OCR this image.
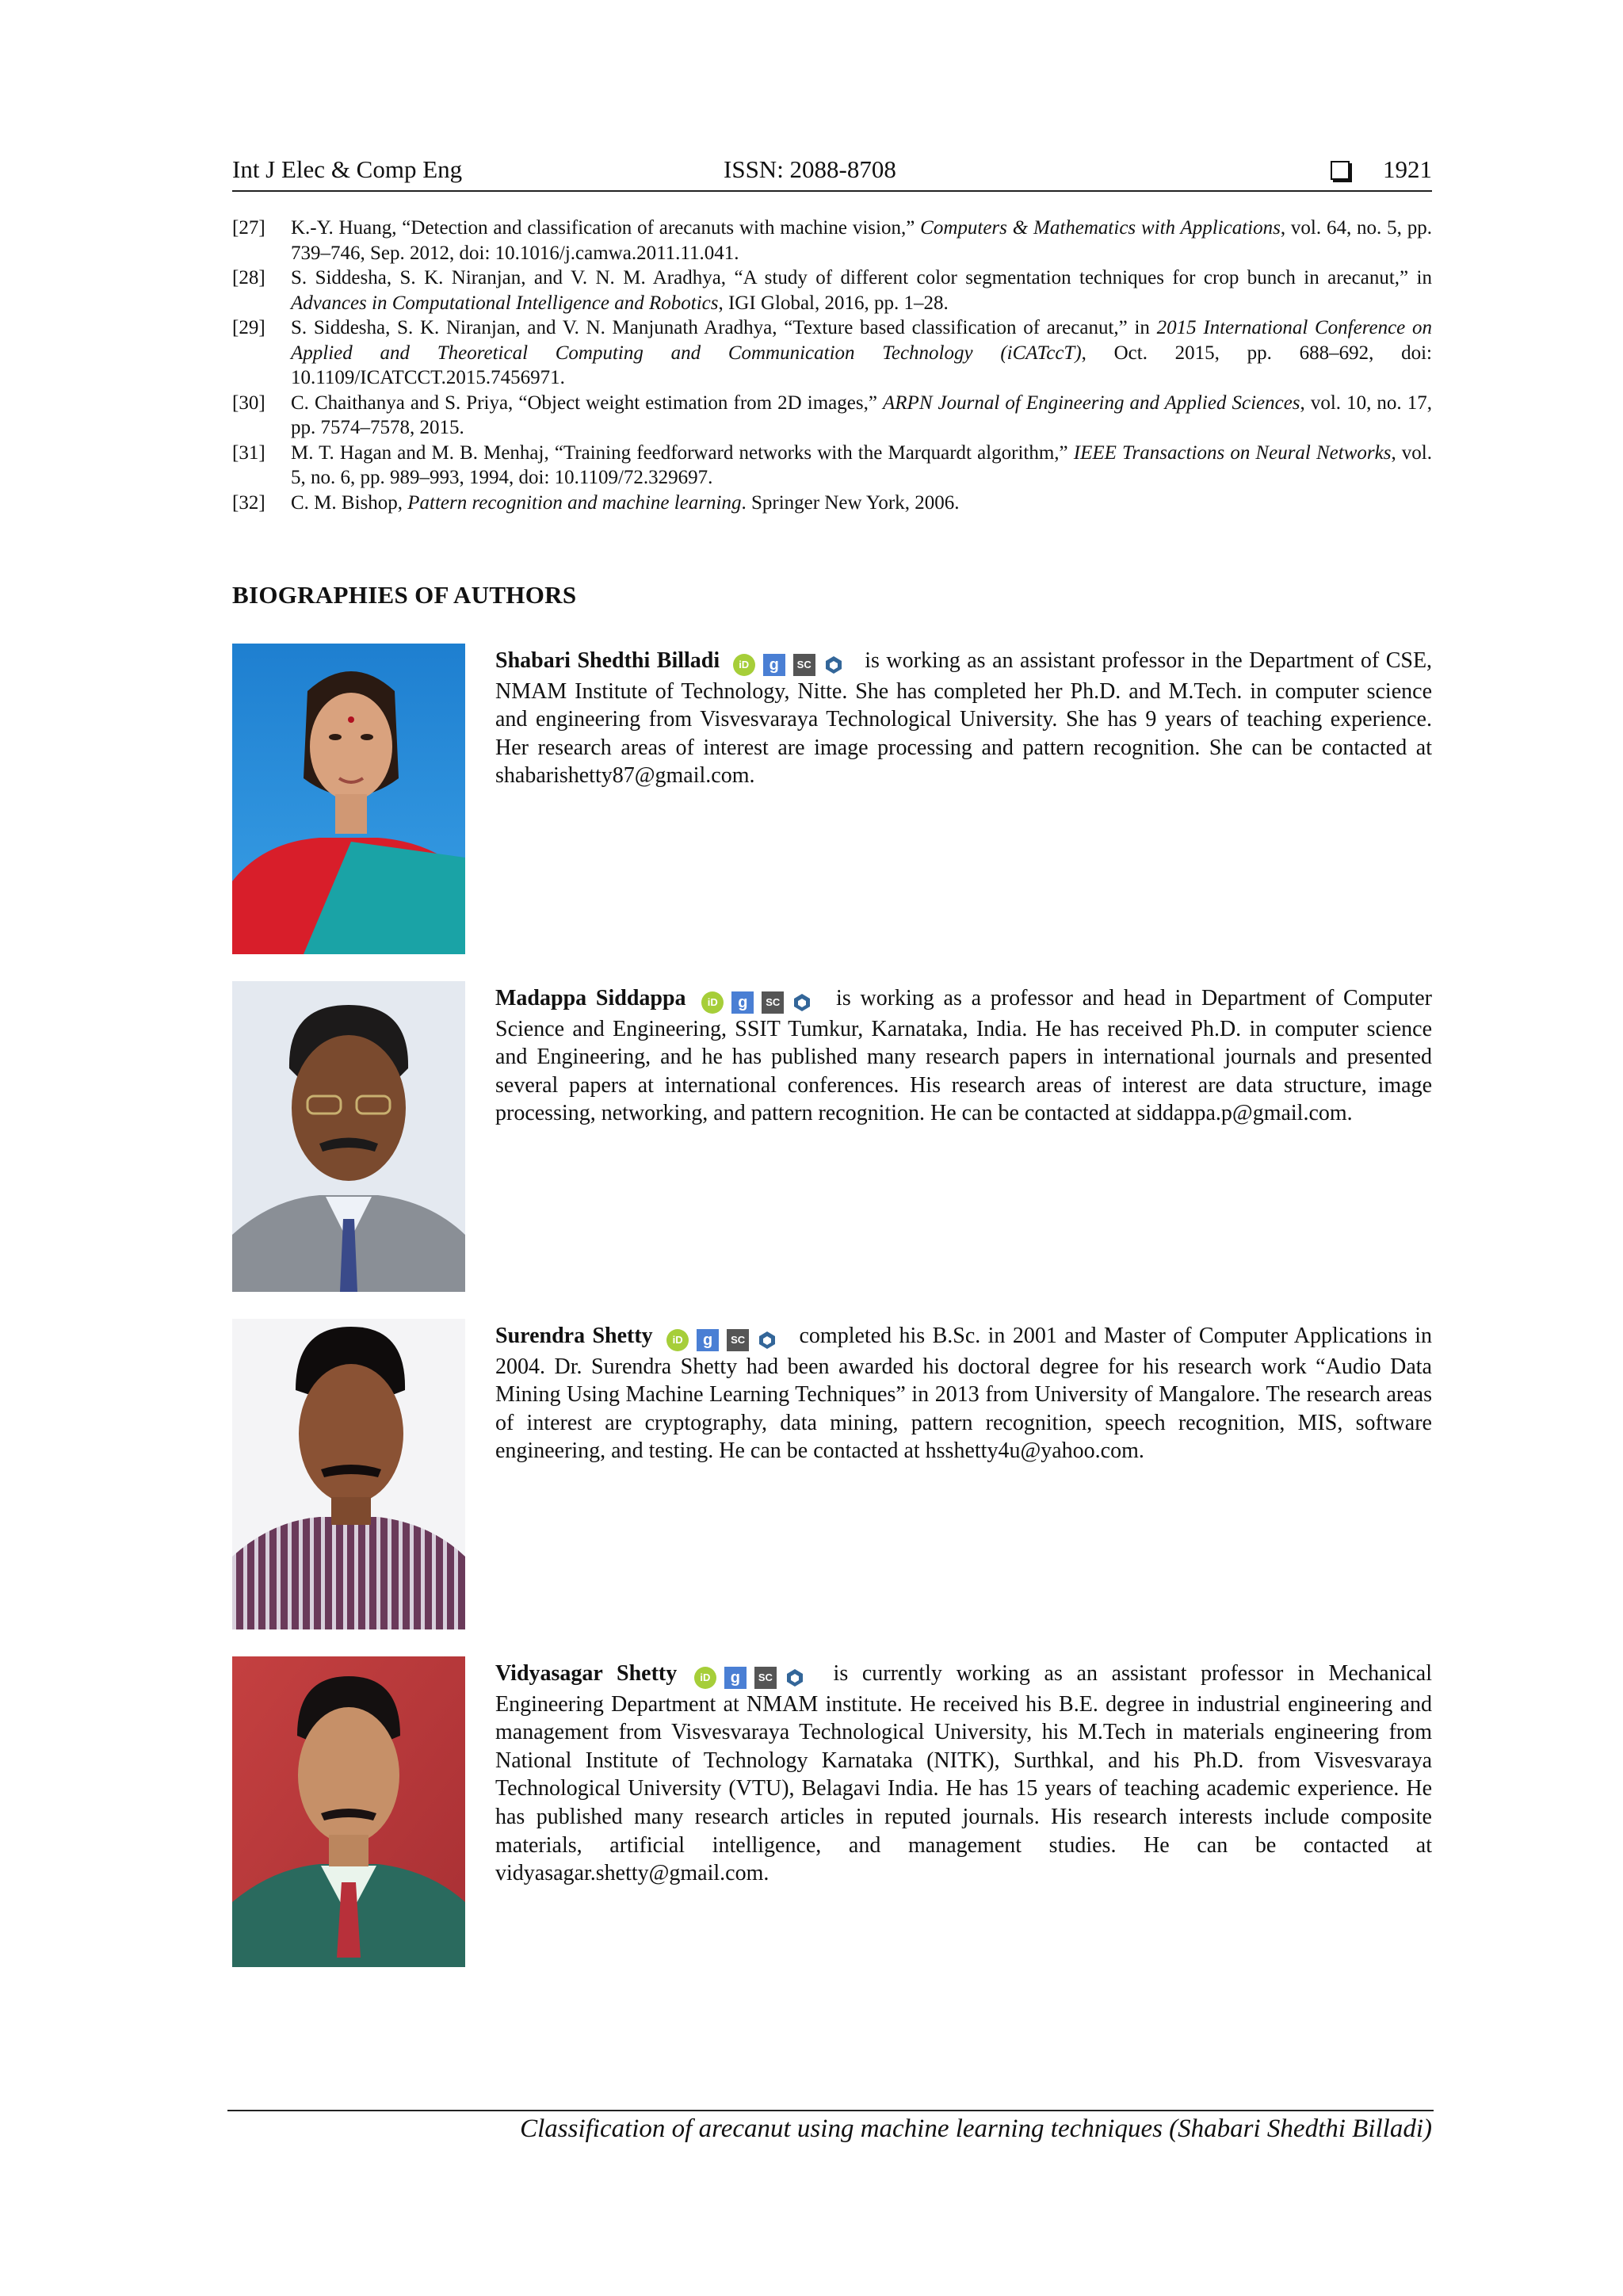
Int J Elec & Comp Eng	ISSN: 2088-8708	1921
[27]	K.-Y. Huang, “Detection and classification of arecanuts with machine vision,” Computers & Mathematics with Applications, vol. 64, no. 5, pp. 739–746, Sep. 2012, doi: 10.1016/j.camwa.2011.11.041.
[28]	S. Siddesha, S. K. Niranjan, and V. N. M. Aradhya, “A study of different color segmentation techniques for crop bunch in arecanut,” in Advances in Computational Intelligence and Robotics, IGI Global, 2016, pp. 1–28.
[29]	S. Siddesha, S. K. Niranjan, and V. N. Manjunath Aradhya, “Texture based classification of arecanut,” in 2015 International Conference on Applied and Theoretical Computing and Communication Technology (iCATccT), Oct. 2015, pp. 688–692, doi: 10.1109/ICATCCT.2015.7456971.
[30]	C. Chaithanya and S. Priya, “Object weight estimation from 2D images,” ARPN Journal of Engineering and Applied Sciences, vol. 10, no. 17, pp. 7574–7578, 2015.
[31]	M. T. Hagan and M. B. Menhaj, “Training feedforward networks with the Marquardt algorithm,” IEEE Transactions on Neural Networks, vol. 5, no. 6, pp. 989–993, 1994, doi: 10.1109/72.329697.
[32]	C. M. Bishop, Pattern recognition and machine learning. Springer New York, 2006.
BIOGRAPHIES OF AUTHORS
Shabari Shedthi Billadi iD g SC is working as an assistant professor in the Department of CSE, NMAM Institute of Technology, Nitte. She has completed her Ph.D. and M.Tech. in computer science and engineering from Visvesvaraya Technological University. She has 9 years of teaching experience. Her research areas of interest are image processing and pattern recognition. She can be contacted at shabarishetty87@gmail.com.
Madappa Siddappa iD g SC	is working as a professor and head in Department of Computer Science and Engineering, SSIT Tumkur, Karnataka, India. He has received Ph.D. in computer science and Engineering, and he has published many research papers in international journals and presented several papers at international conferences. His research areas of interest are data structure, image processing, networking, and pattern recognition. He can be contacted at siddappa.p@gmail.com.
Surendra Shetty iD g SC completed his B.Sc. in 2001 and Master of Computer Applications in 2004. Dr. Surendra Shetty had been awarded his doctoral degree for his research work “Audio Data Mining Using Machine Learning Techniques” in 2013 from University of Mangalore. The research areas of interest are cryptography, data mining, pattern recognition, speech recognition, MIS, software engineering, and testing. He can be contacted at hsshetty4u@yahoo.com.
Vidyasagar Shetty iD g SC	is currently working as an assistant professor in Mechanical Engineering Department at NMAM institute. He received his B.E. degree in industrial engineering and management from Visvesvaraya Technological University, his M.Tech in materials engineering from National Institute of Technology Karnataka (NITK), Surthkal, and his Ph.D. from Visvesvaraya Technological University (VTU), Belagavi India. He has 15 years of teaching academic experience. He has published many research articles in reputed journals. His research interests include composite materials, artificial intelligence, and management studies. He can be contacted at vidyasagar.shetty@gmail.com.
Classification of arecanut using machine learning techniques (Shabari Shedthi Billadi)
